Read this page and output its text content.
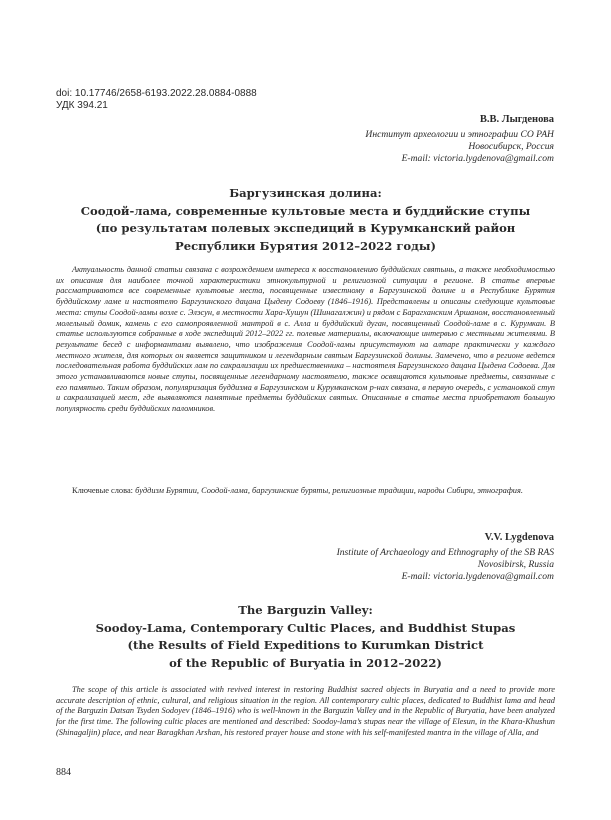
doi: 10.17746/2658-6193.2022.28.0884-0888
УДК 394.21
В.В. Лыгденова
Институт археологии и этнографии СО РАН
Новосибирск, Россия
E-mail: victoria.lygdenova@gmail.com
Баргузинская долина:
Соодой-лама, современные культовые места и буддийские ступы
(по результатам полевых экспедиций в Курумканский район
Республики Бурятия 2012–2022 годы)

Актуальность данной статьи связана с возрождением интереса к восстановлению буддийских святынь, а также необходимостью их описания для наиболее точной характеристики этнокультурной и религиозной ситуации в регионе. В статье впервые рассматриваются все современные культовые места, посвященные известному в Баргузинской долине и в Республике Бурятия буддийскому ламе и настоятелю Баргузинского дацана Цыдену Содоеву (1846–1916). Представлены и описаны следующие культовые места: ступы Соодой-ламы возле с. Элэсун, в местности Хара-Хушун (Шинагалжин) и рядом с Барагханским Аршаном, восстановленный молельный домик, камень с его самопроявленной мантрой в с. Алла и буддийский дуган, посвященный Соодой-ламе в с. Курумкан. В статье используются собранные в ходе экспедиций 2012–2022 гг. полевые материалы, включающие интервью с местными жителями. В результате бесед с информантами выявлено, что изображения Соодой-ламы присутствуют на алтаре практически у каждого местного жителя, для которых он является защитником и легендарным святым Баргузинской долины. Замечено, что в регионе ведется последовательная работа буддийских лам по сакрализации их предшественника – настоятеля Баргузинского дацана Цыдена Содоева. Для этого устанавливаются новые ступы, посвященные легендарному настоятелю, также освящаются культовые предметы, связанные с его памятью. Таким образом, популяризация буддизма в Баргузинском и Курумканском р-нах связана, в первую очередь, с установкой ступ и сакрализацией мест, где выявляются памятные предметы буддийских святых. Описанные в статье места приобретают большую популярность среди буддийских паломников.

Ключевые слова: буддизм Бурятии, Соодой-лама, баргузинские буряты, религиозные традиции, народы Сибири, этнография.

V.V. Lygdenova
Institute of Archaeology and Ethnography of the SB RAS
Novosibirsk, Russia
E-mail: victoria.lygdenova@gmail.com
The Barguzin Valley:
Soodoy-Lama, Contemporary Cultic Places, and Buddhist Stupas
(the Results of Field Expeditions to Kurumkan District
of the Republic of Buryatia in 2012–2022)

The scope of this article is associated with revived interest in restoring Buddhist sacred objects in Buryatia and a need to provide more accurate description of ethnic, cultural, and religious situation in the region. All contemporary cultic places, dedicated to Buddhist lama and head of the Barguzin Datsan Tsyden Sodoyev (1846–1916) who is well-known in the Barguzin Valley and in the Republic of Buryatia, have been analyzed for the first time. The following cultic places are mentioned and described: Soodoy-lama’s stupas near the village of Elesun, in the Khara-Khushun (Shinagaljin) place, and near Baragkhan Arshan, his restored prayer house and stone with his self-manifested mantra in the village of Alla, and

884
